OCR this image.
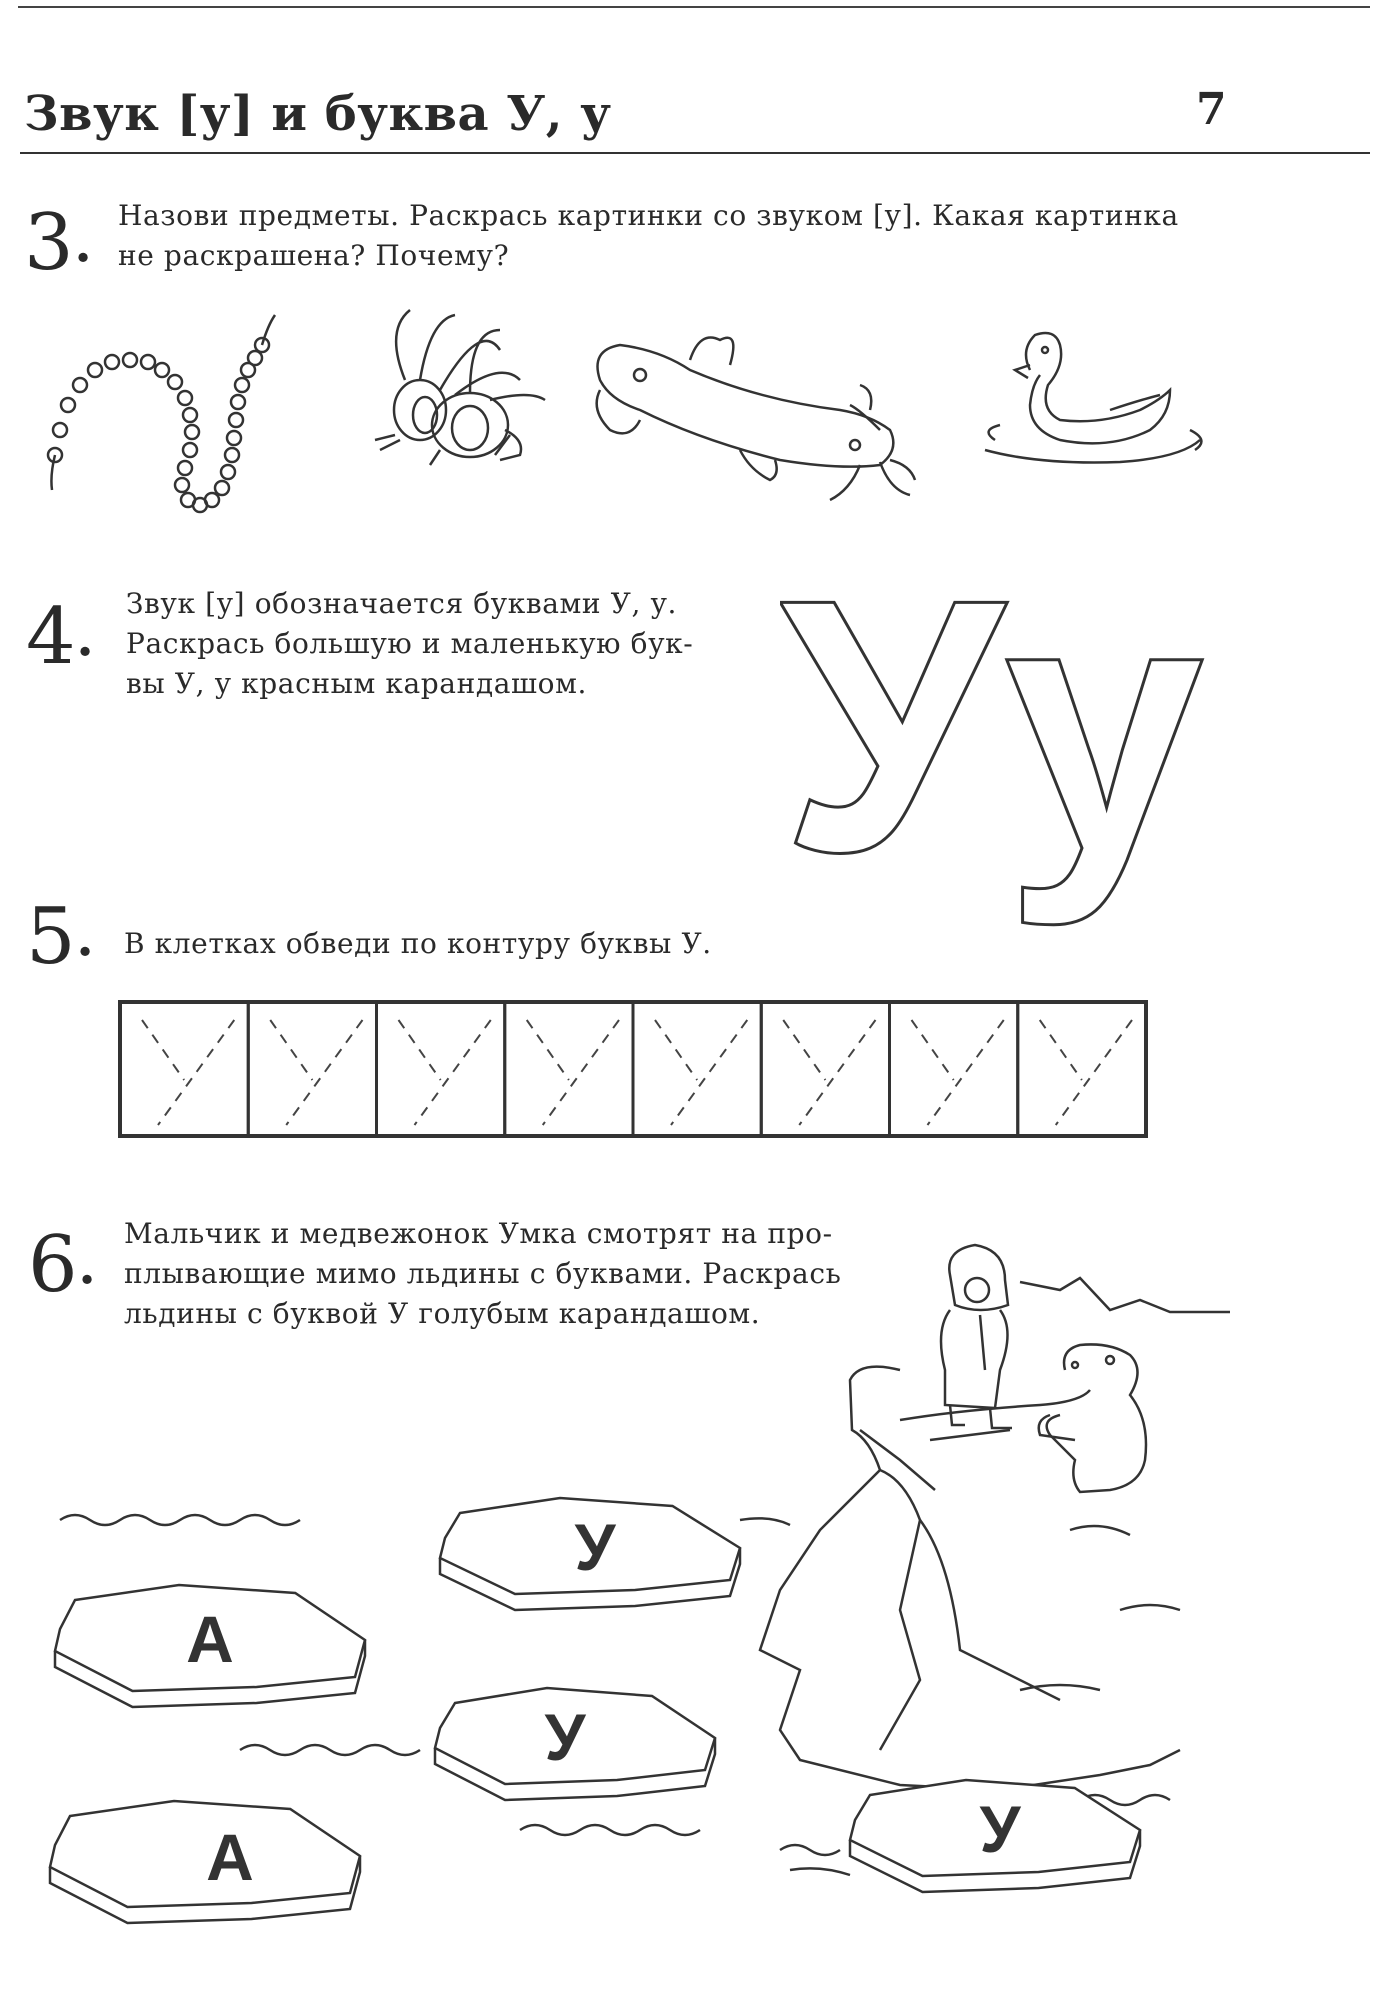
Звук [у] и буква У, у	7
3•
Назови предметы. Раскрась картинки со звуком [у]. Какая картинка
не раскрашена? Почему?
4•
Звук [у] обозначается буквами У, у.
Раскрась большую и маленькую бук-
вы У, у красным карандашом. Уу
5• В клетках обведи по контуру буквы У.
6•
Мальчик и медвежонок Умка смотрят на про-
плывающие мимо льдины с буквами. Раскрась
льдины с буквой У голубым карандашом.
А
У
У
А	У
